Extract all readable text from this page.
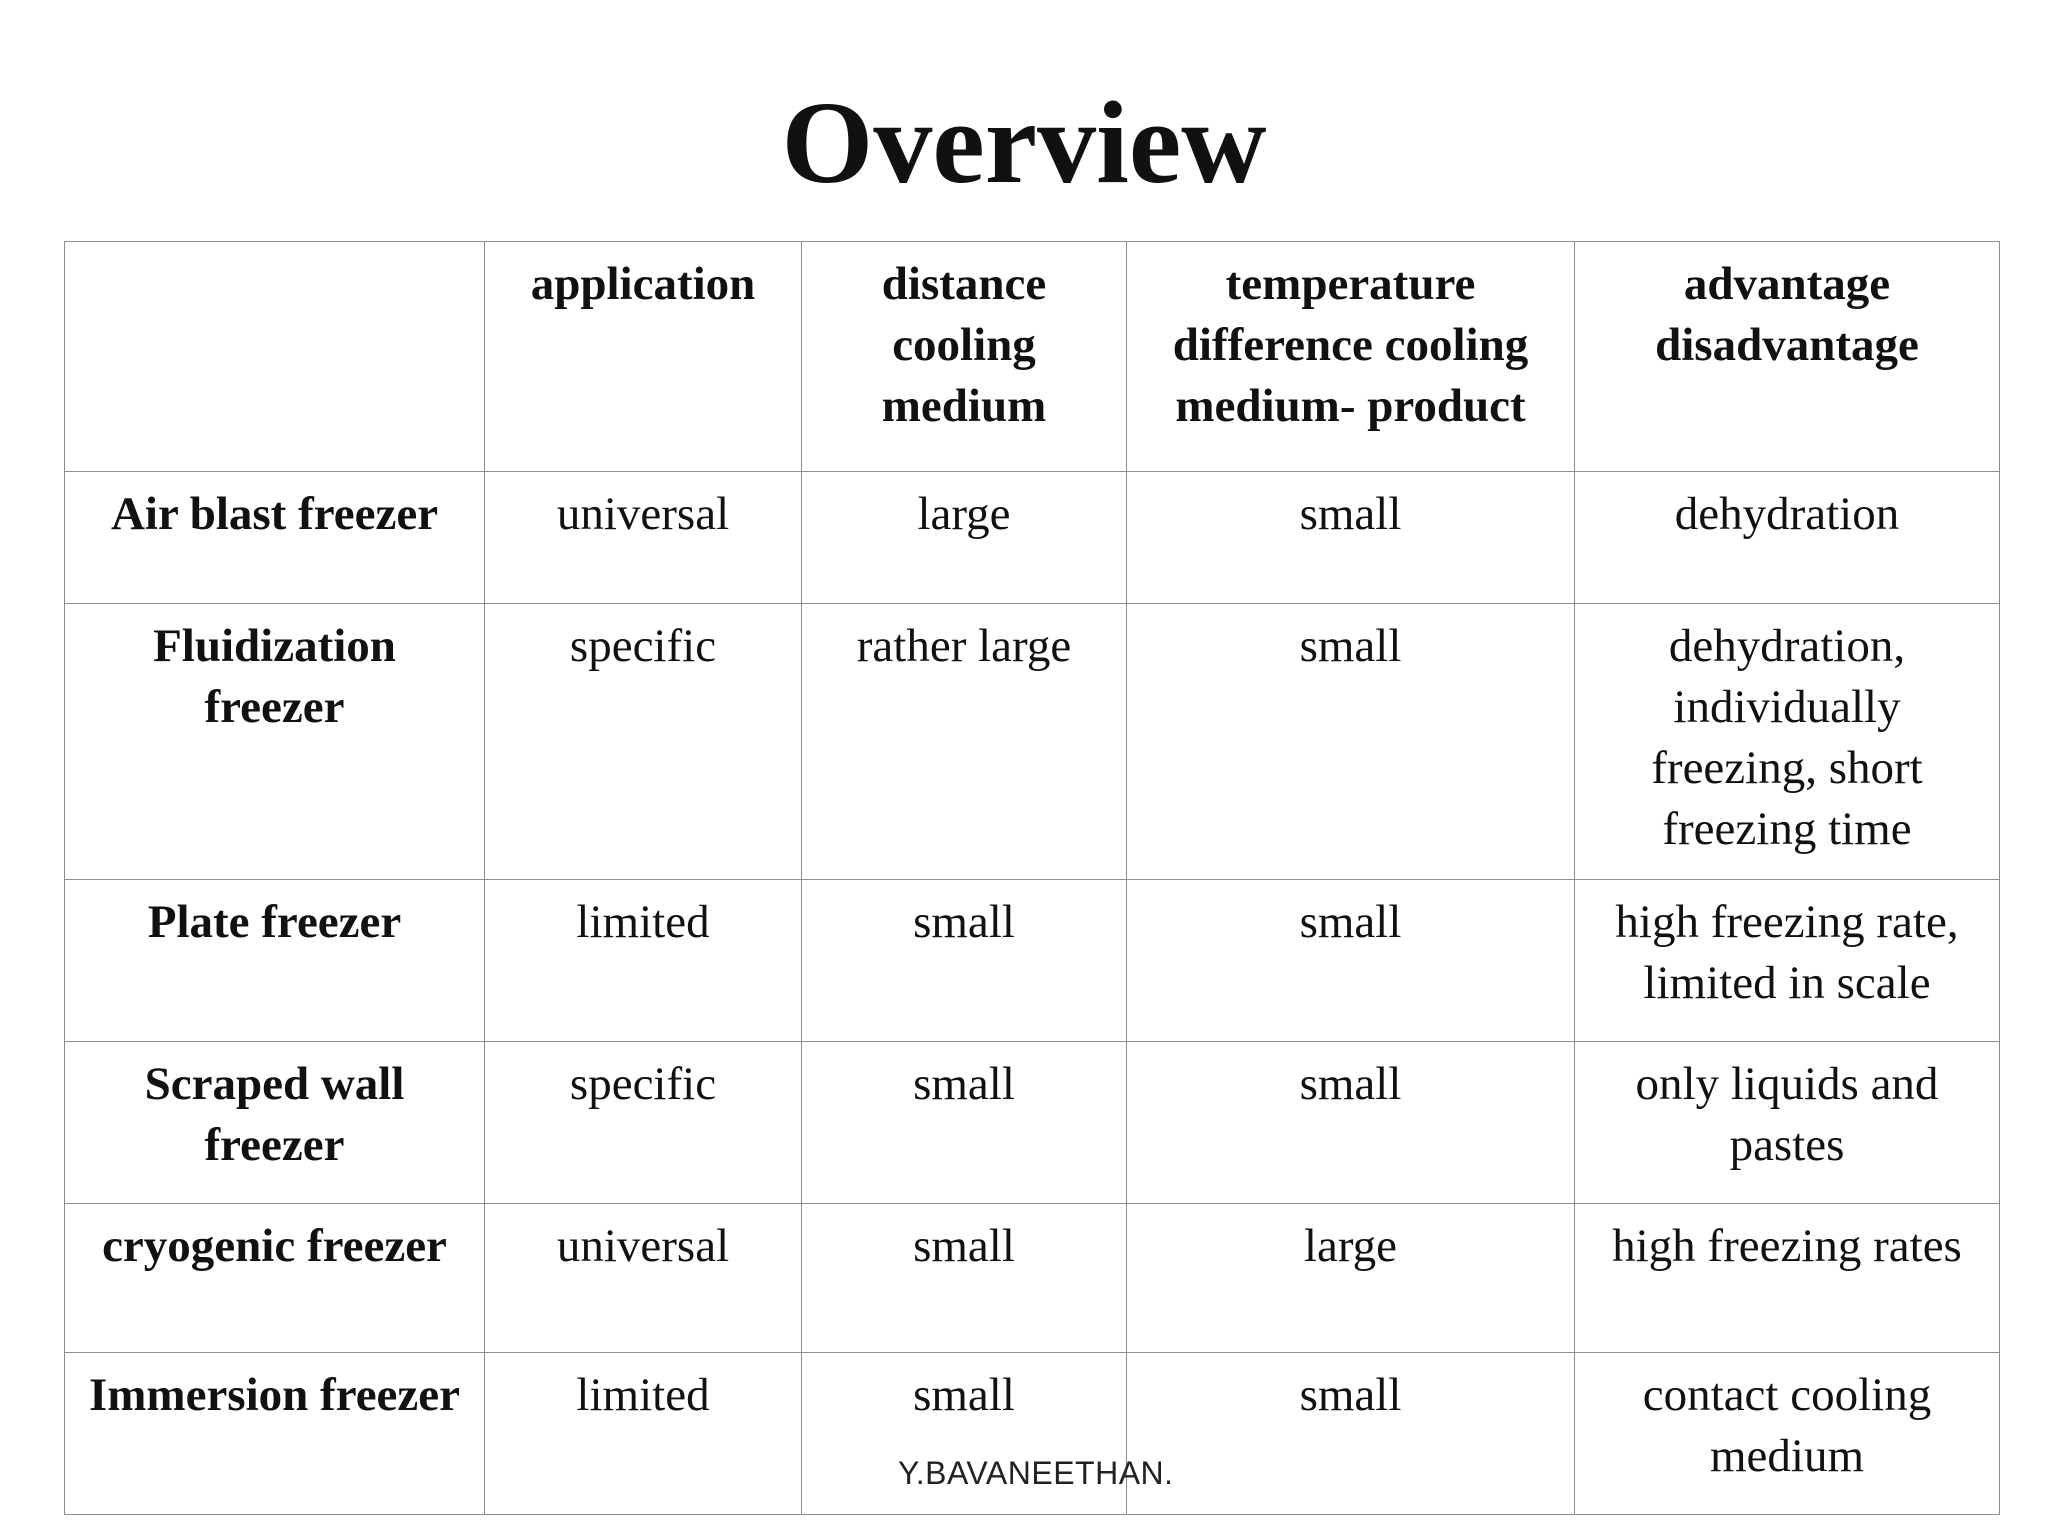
Overview
	application	distance cooling medium	temperature difference cooling medium- product	advantage disadvantage
Air blast freezer	universal	large	small	dehydration
Fluidization freezer	specific	rather large	small	dehydration, individually freezing, short freezing time
Plate freezer	limited	small	small	high freezing rate, limited in scale
Scraped wall freezer	specific	small	small	only liquids and pastes
cryogenic freezer	universal	small	large	high freezing rates
Immersion freezer	limited	small	small	contact cooling medium
Y.BAVANEETHAN.
